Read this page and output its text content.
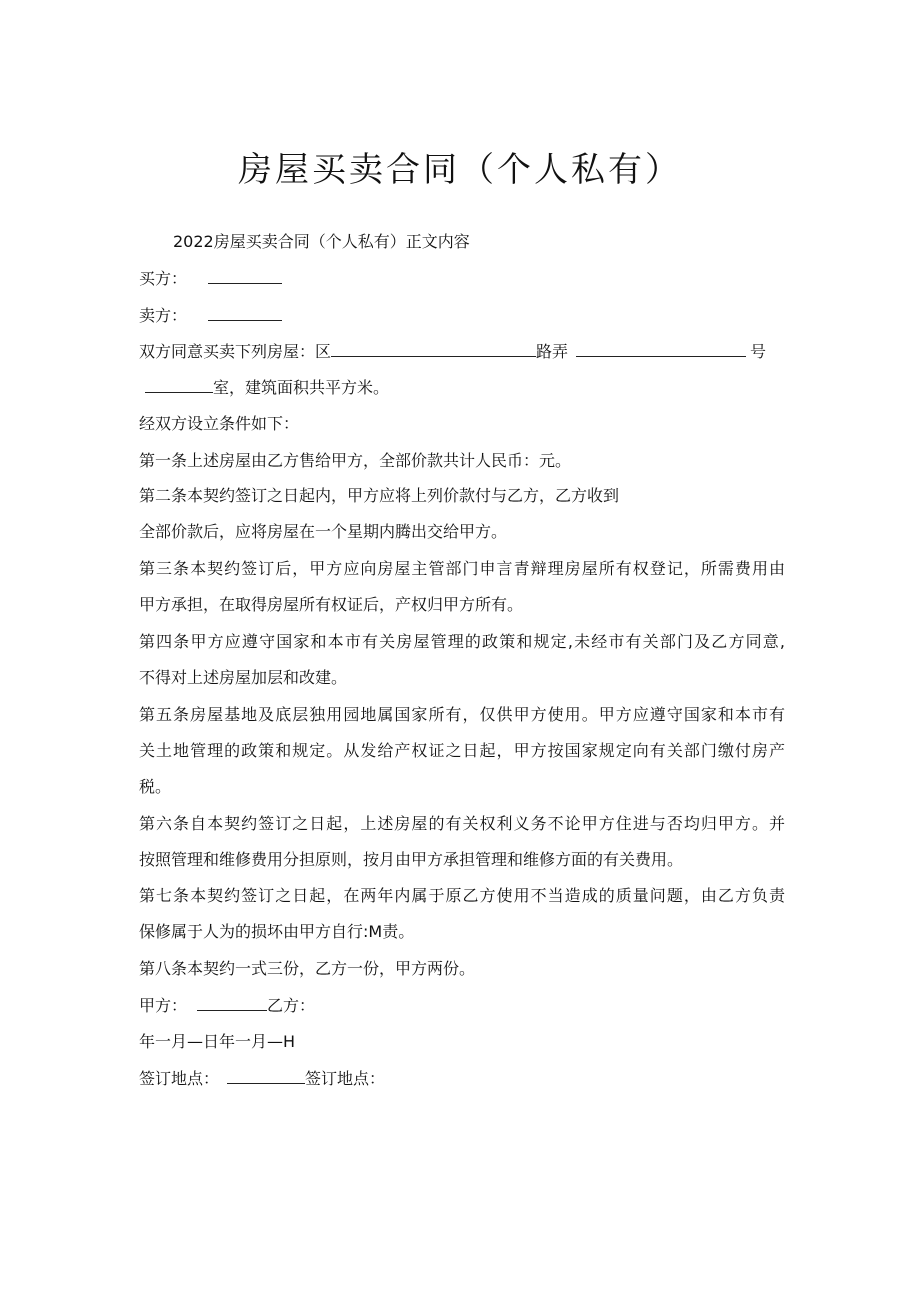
房屋买卖合同（个人私有）
2022房屋买卖合同（个人私有）正文内容
买方：
卖方：
双方同意买卖下列房屋：区	路弄	号
室，建筑面积共平方米。
经双方设立条件如下：
第一条上述房屋由乙方售给甲方，全部价款共计人民币：元。
第二条本契约签订之日起内，甲方应将上列价款付与乙方，乙方收到
全部价款后，应将房屋在一个星期内腾出交给甲方。
第三条本契约签订后，甲方应向房屋主管部门申言青辩理房屋所有权登记，所需费用由
甲方承担，在取得房屋所有权证后，产权归甲方所有。
第四条甲方应遵守国家和本市有关房屋管理的政策和规定,未经市有关部门及乙方同意,
不得对上述房屋加层和改建。
第五条房屋基地及底层独用园地属国家所有，仅供甲方使用。甲方应遵守国家和本市有
关土地管理的政策和规定。从发给产权证之日起，甲方按国家规定向有关部门缴付房产
税。
第六条自本契约签订之日起，上述房屋的有关权利义务不论甲方住进与否均归甲方。并
按照管理和维修费用分担原则，按月由甲方承担管理和维修方面的有关费用。
第七条本契约签订之日起，在两年内属于原乙方使用不当造成的质量问题，由乙方负责
保修属于人为的损坏由甲方自行:M责。
第八条本契约一式三份，乙方一份，甲方两份。
甲方：	乙方：
年一月—日年一月—H
签订地点：	签订地点：
